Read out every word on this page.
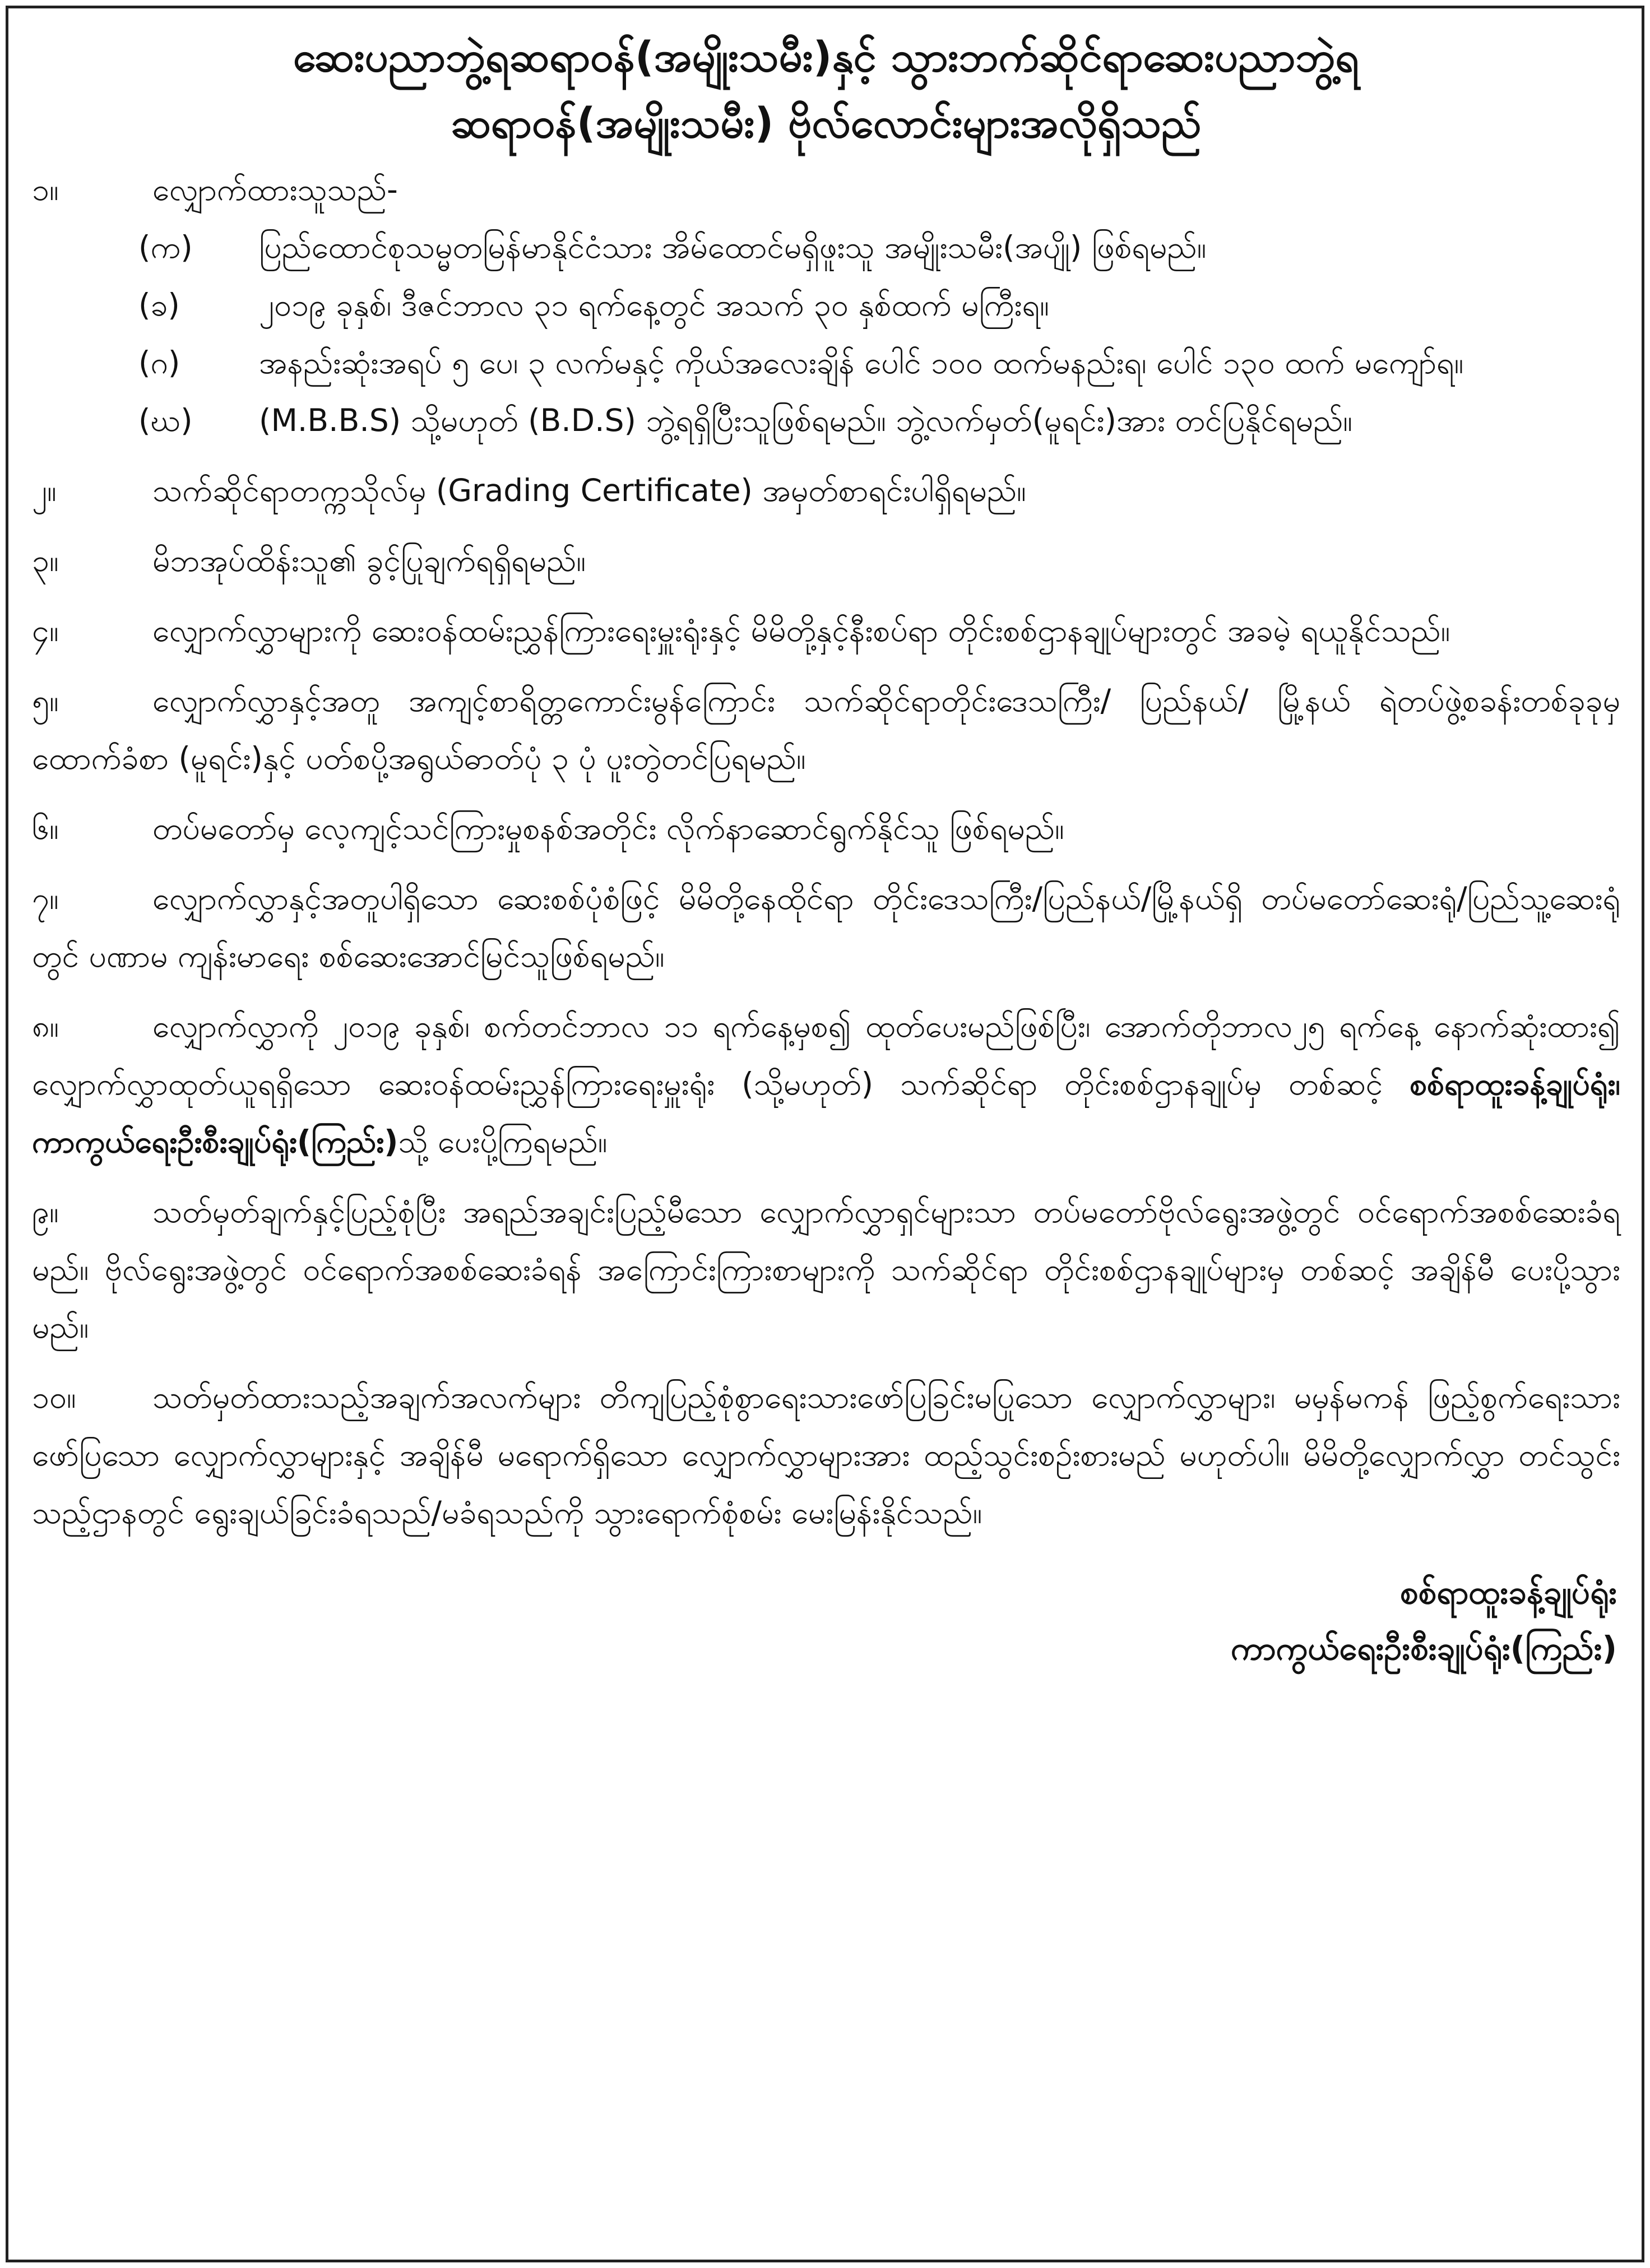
ဆေးပညာဘွဲ့ရဆရာဝန်(အမျိုးသမီး)နှင့် သွားဘက်ဆိုင်ရာဆေးပညာဘွဲ့ရ
ဆရာဝန်(အမျိုးသမီး) ဗိုလ်လောင်းများအလိုရှိသည်
၁။	လျှောက်ထားသူသည်-
(က) ပြည်ထောင်စုသမ္မတမြန်မာနိုင်ငံသား အိမ်ထောင်မရှိဖူးသူ အမျိုးသမီး(အပျို) ဖြစ်ရမည်။
(ခ)	၂၀၁၉ ခုနှစ်၊ ဒီဇင်ဘာလ ၃၁ ရက်နေ့တွင် အသက် ၃၀ နှစ်ထက် မကြီးရ။
(ဂ)	အနည်းဆုံးအရပ် ၅ ပေ၊ ၃ လက်မနှင့် ကိုယ်အလေးချိန် ပေါင် ၁၀၀ ထက်မနည်းရ၊ ပေါင် ၁၃၀ ထက် မကျော်ရ။
(ဃ) (M.B.B.S) သို့မဟုတ် (B.D.S) ဘွဲ့ရရှိပြီးသူဖြစ်ရမည်။ ဘွဲ့လက်မှတ်(မူရင်း)အား တင်ပြနိုင်ရမည်။
၂။	သက်ဆိုင်ရာတက္ကသိုလ်မှ (Grading Certificate) အမှတ်စာရင်းပါရှိရမည်။
၃။	မိဘအုပ်ထိန်းသူ၏ ခွင့်ပြုချက်ရရှိရမည်။
၄။	လျှောက်လွှာများကို ဆေးဝန်ထမ်းညွှန်ကြားရေးမှူးရုံးနှင့် မိမိတို့နှင့်နီးစပ်ရာ တိုင်းစစ်ဌာနချုပ်များတွင် အခမဲ့ ရယူနိုင်သည်။
၅။	လျှောက်လွှာနှင့်အတူ အကျင့်စာရိတ္တကောင်းမွန်ကြောင်း သက်ဆိုင်ရာတိုင်းဒေသကြီး/ ပြည်နယ်/ မြို့နယ် ရဲတပ်ဖွဲ့စခန်းတစ်ခုခုမှ ထောက်ခံစာ (မူရင်း)နှင့် ပတ်စပို့အရွယ်ဓာတ်ပုံ ၃ ပုံ ပူးတွဲတင်ပြရမည်။
၆။	တပ်မတော်မှ လေ့ကျင့်သင်ကြားမှုစနစ်အတိုင်း လိုက်နာဆောင်ရွက်နိုင်သူ ဖြစ်ရမည်။
၇။	လျှောက်လွှာနှင့်အတူပါရှိသော ဆေးစစ်ပုံစံဖြင့် မိမိတို့နေထိုင်ရာ တိုင်းဒေသကြီး/ပြည်နယ်/မြို့နယ်ရှိ တပ်မတော်ဆေးရုံ/ပြည်သူ့ဆေးရုံတွင် ပဏာမ ကျန်းမာရေး စစ်ဆေးအောင်မြင်သူဖြစ်ရမည်။
၈။	လျှောက်လွှာကို ၂၀၁၉ ခုနှစ်၊ စက်တင်ဘာလ ၁၁ ရက်နေ့မှစ၍ ထုတ်ပေးမည်ဖြစ်ပြီး၊ အောက်တိုဘာလ၂၅ ရက်နေ့ နောက်ဆုံးထား၍ လျှောက်လွှာထုတ်ယူရရှိသော ဆေးဝန်ထမ်းညွှန်ကြားရေးမှူးရုံး (သို့မဟုတ်) သက်ဆိုင်ရာ တိုင်းစစ်ဌာနချုပ်မှ တစ်ဆင့် စစ်ရာထူးခန့်ချုပ်ရုံး၊ ကာကွယ်ရေးဦးစီးချုပ်ရုံး(ကြည်း)သို့ ပေးပို့ကြရမည်။
၉။	သတ်မှတ်ချက်နှင့်ပြည့်စုံပြီး အရည်အချင်းပြည့်မီသော လျှောက်လွှာရှင်များသာ တပ်မတော်ဗိုလ်ရွေးအဖွဲ့တွင် ဝင်ရောက်အစစ်ဆေးခံရမည်။ ဗိုလ်ရွေးအဖွဲ့တွင် ဝင်ရောက်အစစ်ဆေးခံရန် အကြောင်းကြားစာများကို သက်ဆိုင်ရာ တိုင်းစစ်ဌာနချုပ်များမှ တစ်ဆင့် အချိန်မီ ပေးပို့သွားမည်။
၁၀။ သတ်မှတ်ထားသည့်အချက်အလက်များ တိကျပြည့်စုံစွာရေးသားဖော်ပြခြင်းမပြုသော လျှောက်လွှာများ၊ မမှန်မကန် ဖြည့်စွက်ရေးသားဖော်ပြသော လျှောက်လွှာများနှင့် အချိန်မီ မရောက်ရှိသော လျှောက်လွှာများအား ထည့်သွင်းစဉ်းစားမည် မဟုတ်ပါ။ မိမိတို့လျှောက်လွှာ တင်သွင်းသည့်ဌာနတွင် ရွေးချယ်ခြင်းခံရသည်/မခံရသည်ကို သွားရောက်စုံစမ်း မေးမြန်းနိုင်သည်။
စစ်ရာထူးခန့်ချုပ်ရုံး
ကာကွယ်ရေးဦးစီးချုပ်ရုံး(ကြည်း)
